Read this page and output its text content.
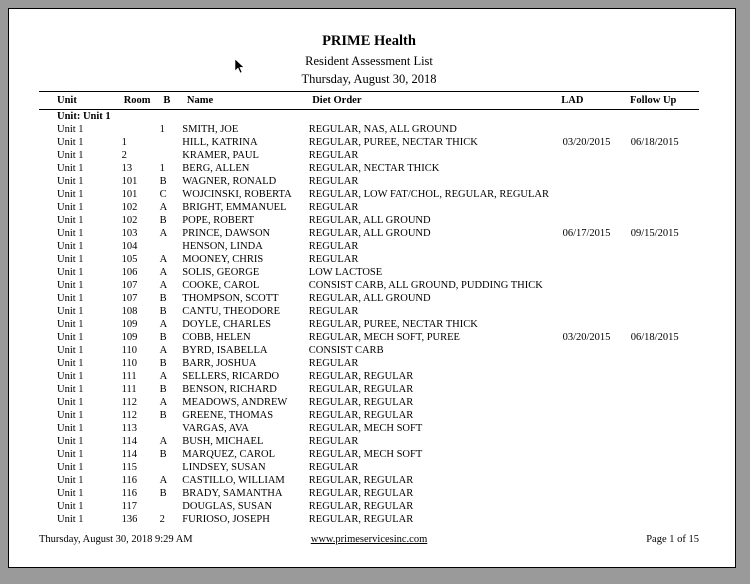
PRIME Health
Resident Assessment List
Thursday, August 30, 2018
Unit	Room	B	Name	Diet Order	LAD	Follow Up
Unit: Unit 1						
Unit 1		1	SMITH, JOE	REGULAR, NAS, ALL GROUND		
Unit 1	1		HILL, KATRINA	REGULAR, PUREE, NECTAR THICK	03/20/2015	06/18/2015
Unit 1	2		KRAMER, PAUL	REGULAR		
Unit 1	13	1	BERG, ALLEN	REGULAR, NECTAR THICK		
Unit 1	101	B	WAGNER, RONALD	REGULAR		
Unit 1	101	C	WOJCINSKI, ROBERTA	REGULAR, LOW FAT/CHOL, REGULAR, REGULAR		
Unit 1	102	A	BRIGHT, EMMANUEL	REGULAR		
Unit 1	102	B	POPE, ROBERT	REGULAR, ALL GROUND		
Unit 1	103	A	PRINCE, DAWSON	REGULAR, ALL GROUND	06/17/2015	09/15/2015
Unit 1	104		HENSON, LINDA	REGULAR		
Unit 1	105	A	MOONEY, CHRIS	REGULAR		
Unit 1	106	A	SOLIS, GEORGE	LOW LACTOSE		
Unit 1	107	A	COOKE, CAROL	CONSIST CARB, ALL GROUND, PUDDING THICK		
Unit 1	107	B	THOMPSON, SCOTT	REGULAR, ALL GROUND		
Unit 1	108	B	CANTU, THEODORE	REGULAR		
Unit 1	109	A	DOYLE, CHARLES	REGULAR, PUREE, NECTAR THICK		
Unit 1	109	B	COBB, HELEN	REGULAR, MECH SOFT, PUREE	03/20/2015	06/18/2015
Unit 1	110	A	BYRD, ISABELLA	CONSIST CARB		
Unit 1	110	B	BARR, JOSHUA	REGULAR		
Unit 1	111	A	SELLERS, RICARDO	REGULAR, REGULAR		
Unit 1	111	B	BENSON, RICHARD	REGULAR, REGULAR		
Unit 1	112	A	MEADOWS, ANDREW	REGULAR, REGULAR		
Unit 1	112	B	GREENE, THOMAS	REGULAR, REGULAR		
Unit 1	113		VARGAS, AVA	REGULAR, MECH SOFT		
Unit 1	114	A	BUSH, MICHAEL	REGULAR		
Unit 1	114	B	MARQUEZ, CAROL	REGULAR, MECH SOFT		
Unit 1	115		LINDSEY, SUSAN	REGULAR		
Unit 1	116	A	CASTILLO, WILLIAM	REGULAR, REGULAR		
Unit 1	116	B	BRADY, SAMANTHA	REGULAR, REGULAR		
Unit 1	117		DOUGLAS, SUSAN	REGULAR, REGULAR		
Unit 1	136	2	FURIOSO, JOSEPH	REGULAR, REGULAR		
Thursday, August 30, 2018 9:29 AM	www.primeservicesinc.com	Page 1 of 15
